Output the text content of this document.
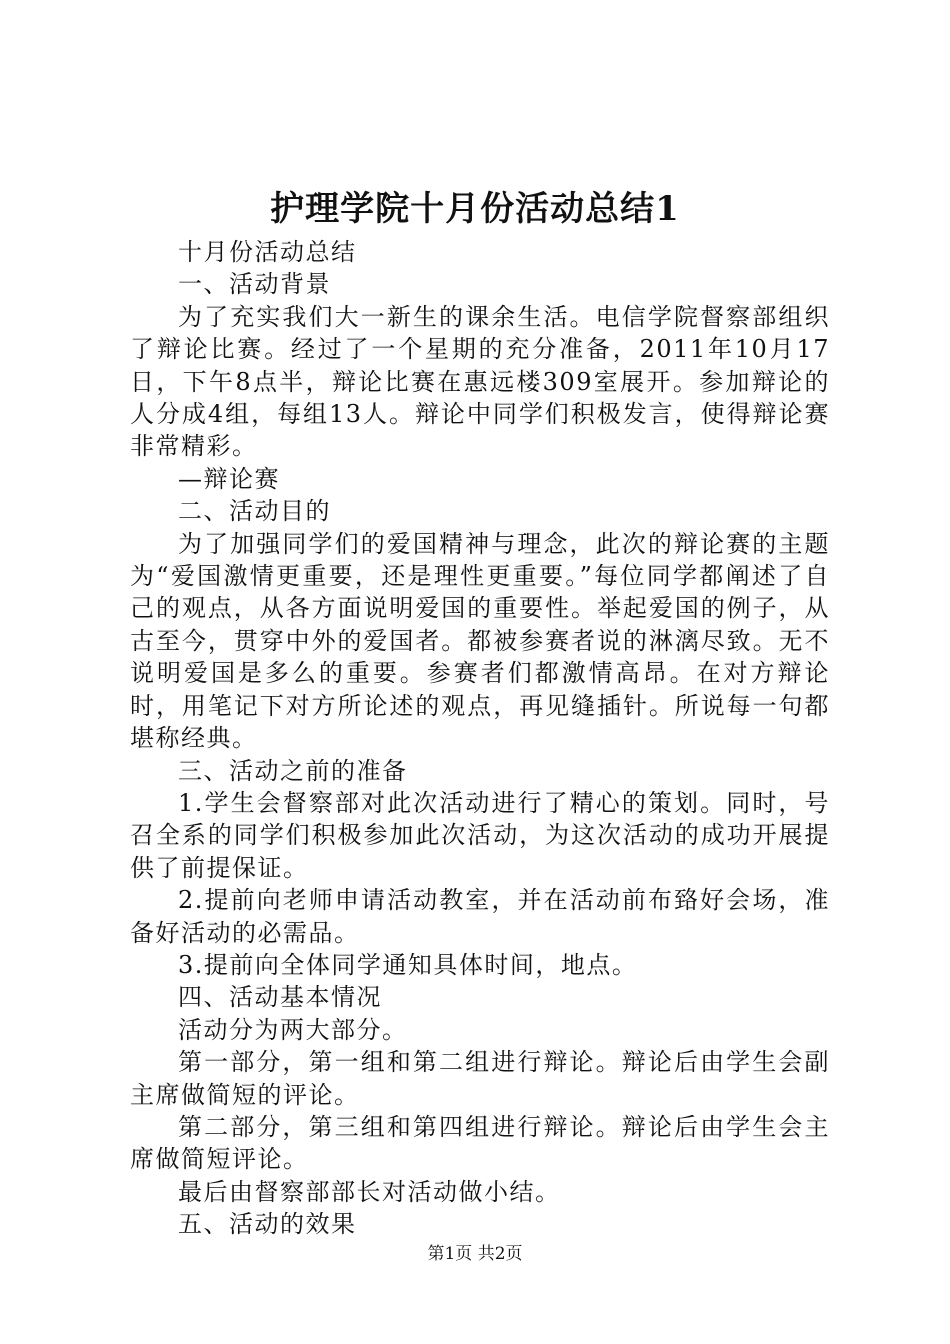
护理学院十月份活动总结1

十月份活动总结

一、活动背景

为了充实我们大一新生的课余生活。电信学院督察部组织了辩论比赛。经过了一个星期的充分准备，2011年10月17日，下午8点半，辩论比赛在惠远楼309室展开。参加辩论的人分成4组，每组13人。辩论中同学们积极发言，使得辩论赛非常精彩。

—辩论赛

二、活动目的

为了加强同学们的爱国精神与理念，此次的辩论赛的主题为“爱国激情更重要，还是理性更重要。”每位同学都阐述了自己的观点，从各方面说明爱国的重要性。举起爱国的例子，从古至今，贯穿中外的爱国者。都被参赛者说的淋漓尽致。无不说明爱国是多么的重要。参赛者们都激情高昂。在对方辩论时，用笔记下对方所论述的观点，再见缝插针。所说每一句都堪称经典。

三、活动之前的准备

1.学生会督察部对此次活动进行了精心的策划。同时，号召全系的同学们积极参加此次活动，为这次活动的成功开展提供了前提保证。

2.提前向老师申请活动教室，并在活动前布臵好会场，准备好活动的必需品。

3.提前向全体同学通知具体时间，地点。

四、活动基本情况

活动分为两大部分。

第一部分，第一组和第二组进行辩论。辩论后由学生会副主席做简短的评论。

第二部分，第三组和第四组进行辩论。辩论后由学生会主席做简短评论。

最后由督察部部长对活动做小结。

五、活动的效果

第1页 共2页
